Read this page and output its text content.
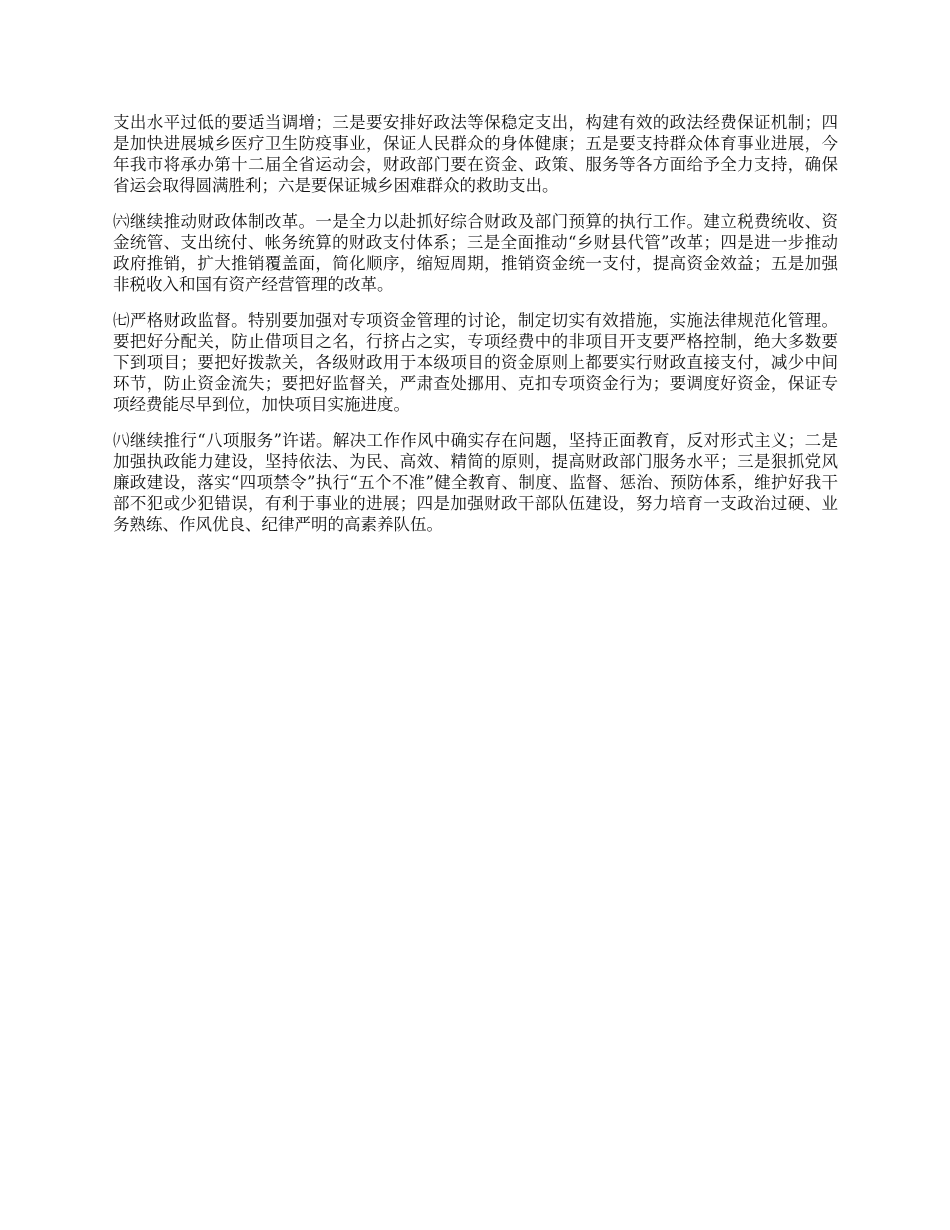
支出水平过低的要适当调增；三是要安排好政法等保稳定支出，构建有效的政法经费保证机制；四是加快进展城乡医疗卫生防疫事业，保证人民群众的身体健康；五是要支持群众体育事业进展，今年我市将承办第十二届全省运动会，财政部门要在资金、政策、服务等各方面给予全力支持，确保省运会取得圆满胜利；六是要保证城乡困难群众的救助支出。

㈥继续推动财政体制改革。一是全力以赴抓好综合财政及部门预算的执行工作。建立税费统收、资金统管、支出统付、帐务统算的财政支付体系；三是全面推动“乡财县代管”改革；四是进一步推动政府推销，扩大推销覆盖面，简化顺序，缩短周期，推销资金统一支付，提高资金效益；五是加强非税收入和国有资产经营管理的改革。

㈦严格财政监督。特别要加强对专项资金管理的讨论，制定切实有效措施，实施法律规范化管理。要把好分配关，防止借项目之名，行挤占之实，专项经费中的非项目开支要严格控制，绝大多数要下到项目；要把好拨款关，各级财政用于本级项目的资金原则上都要实行财政直接支付，减少中间环节，防止资金流失；要把好监督关，严肃查处挪用、克扣专项资金行为；要调度好资金，保证专项经费能尽早到位，加快项目实施进度。

㈧继续推行“八项服务”许诺。解决工作作风中确实存在问题，坚持正面教育，反对形式主义；二是加强执政能力建设，坚持依法、为民、高效、精简的原则，提高财政部门服务水平；三是狠抓党风廉政建设，落实“四项禁令”执行“五个不准”健全教育、制度、监督、惩治、预防体系，维护好我干部不犯或少犯错误，有利于事业的进展；四是加强财政干部队伍建设，努力培育一支政治过硬、业务熟练、作风优良、纪律严明的高素养队伍。
